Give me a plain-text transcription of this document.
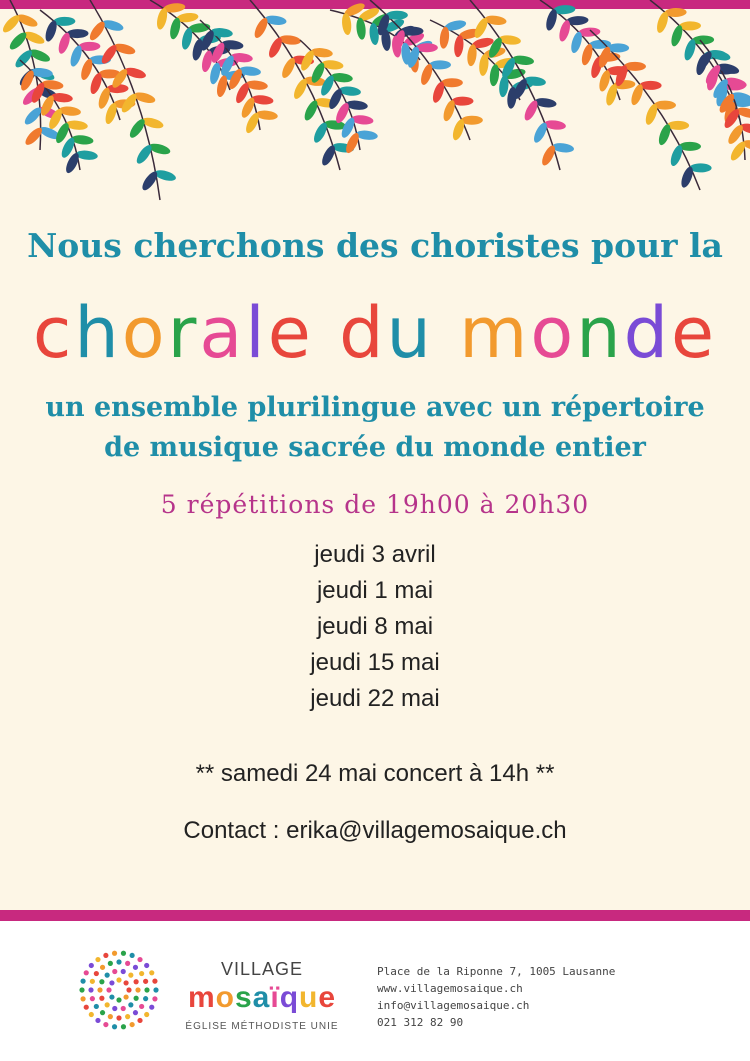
Nous cherchons des choristes pour la
chorale du monde
un ensemble plurilingue avec un répertoire
de musique sacrée du monde entier
5 répétitions de 19h00 à 20h30
jeudi 3 avril
jeudi 1 mai
jeudi 8 mai
jeudi 15 mai
jeudi 22 mai
** samedi 24 mai concert à 14h **
Contact : erika@villagemosaique.ch
VILLAGE
mosaïque
ÉGLISE MÉTHODISTE UNIE
Place de la Riponne 7, 1005 Lausanne
www.villagemosaique.ch
info@villagemosaique.ch
021 312 82 90
